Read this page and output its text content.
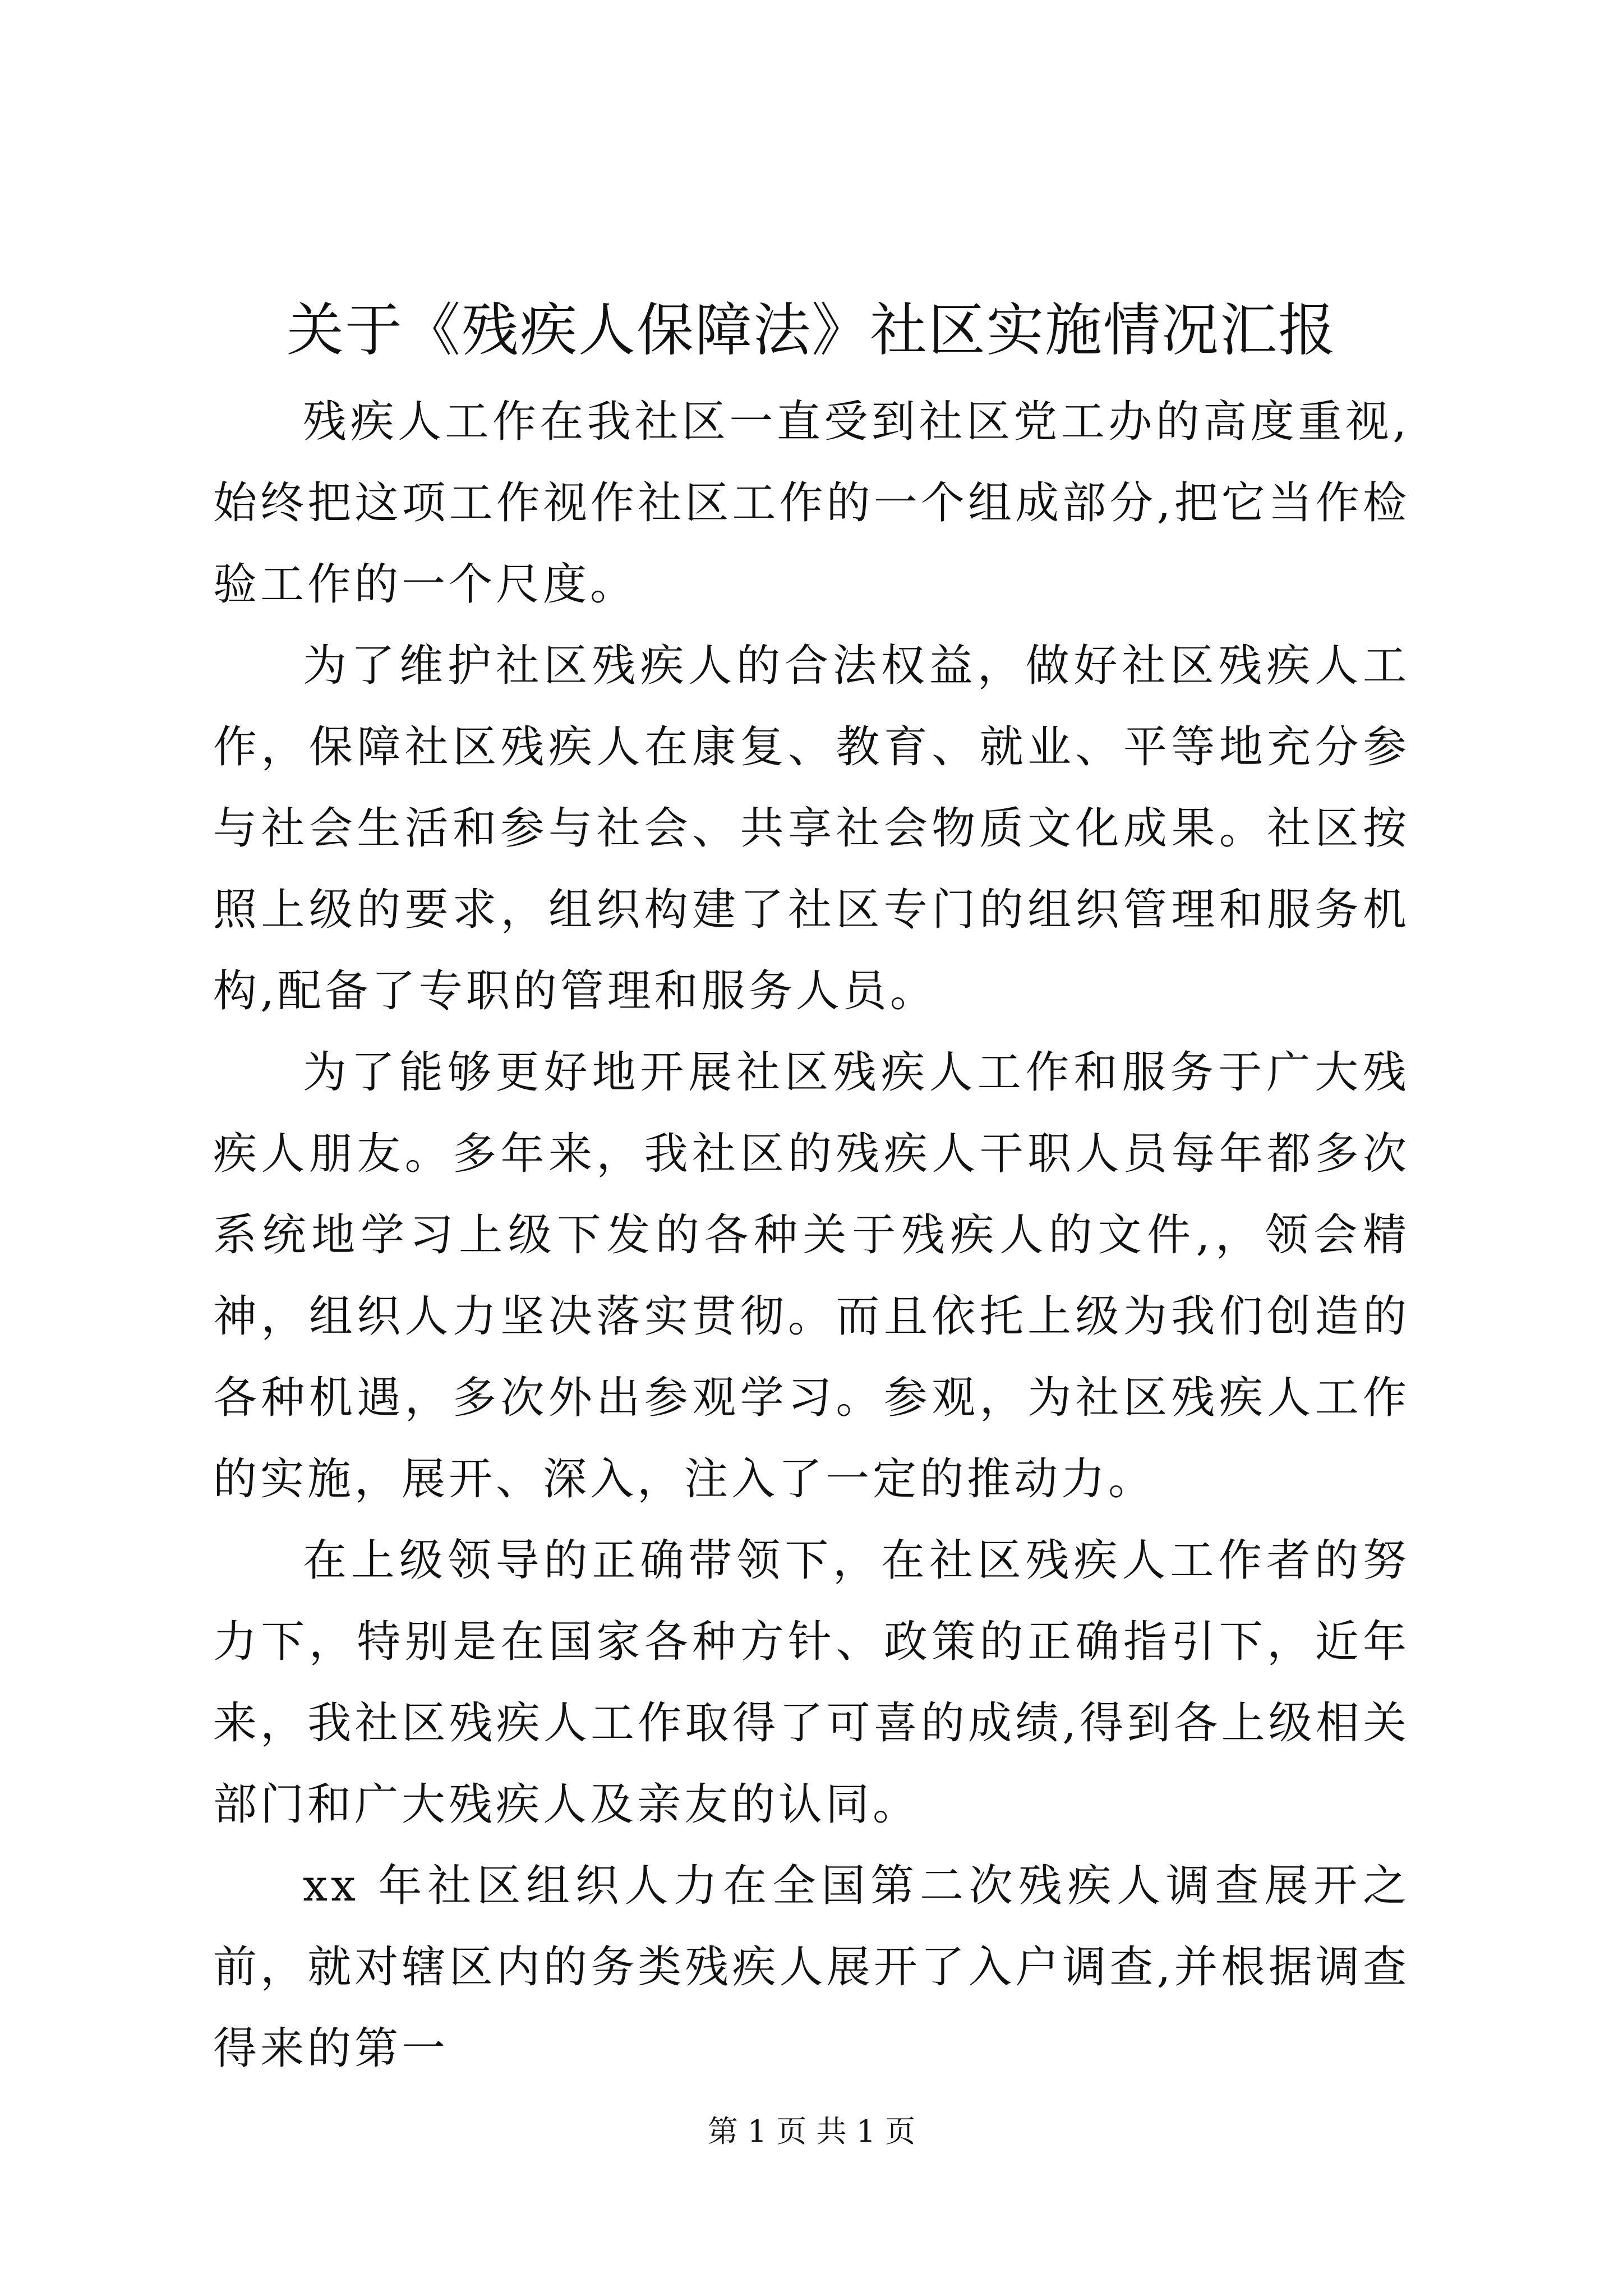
关于《残疾人保障法》社区实施情况汇报

残疾人工作在我社区一直受到社区党工办的高度重视,始终把这项工作视作社区工作的一个组成部分,把它当作检验工作的一个尺度。

为了维护社区残疾人的合法权益，做好社区残疾人工作，保障社区残疾人在康复、教育、就业、平等地充分参与社会生活和参与社会、共享社会物质文化成果。社区按照上级的要求，组织构建了社区专门的组织管理和服务机构,配备了专职的管理和服务人员。

为了能够更好地开展社区残疾人工作和服务于广大残疾人朋友。多年来，我社区的残疾人干职人员每年都多次系统地学习上级下发的各种关于残疾人的文件,，领会精神，组织人力坚决落实贯彻。而且依托上级为我们创造的各种机遇，多次外出参观学习。参观，为社区残疾人工作的实施，展开、深入，注入了一定的推动力。

在上级领导的正确带领下，在社区残疾人工作者的努力下，特别是在国家各种方针、政策的正确指引下，近年来，我社区残疾人工作取得了可喜的成绩,得到各上级相关部门和广大残疾人及亲友的认同。

xx 年社区组织人力在全国第二次残疾人调查展开之前，就对辖区内的务类残疾人展开了入户调查,并根据调查得来的第一

第 1 页 共 1 页
